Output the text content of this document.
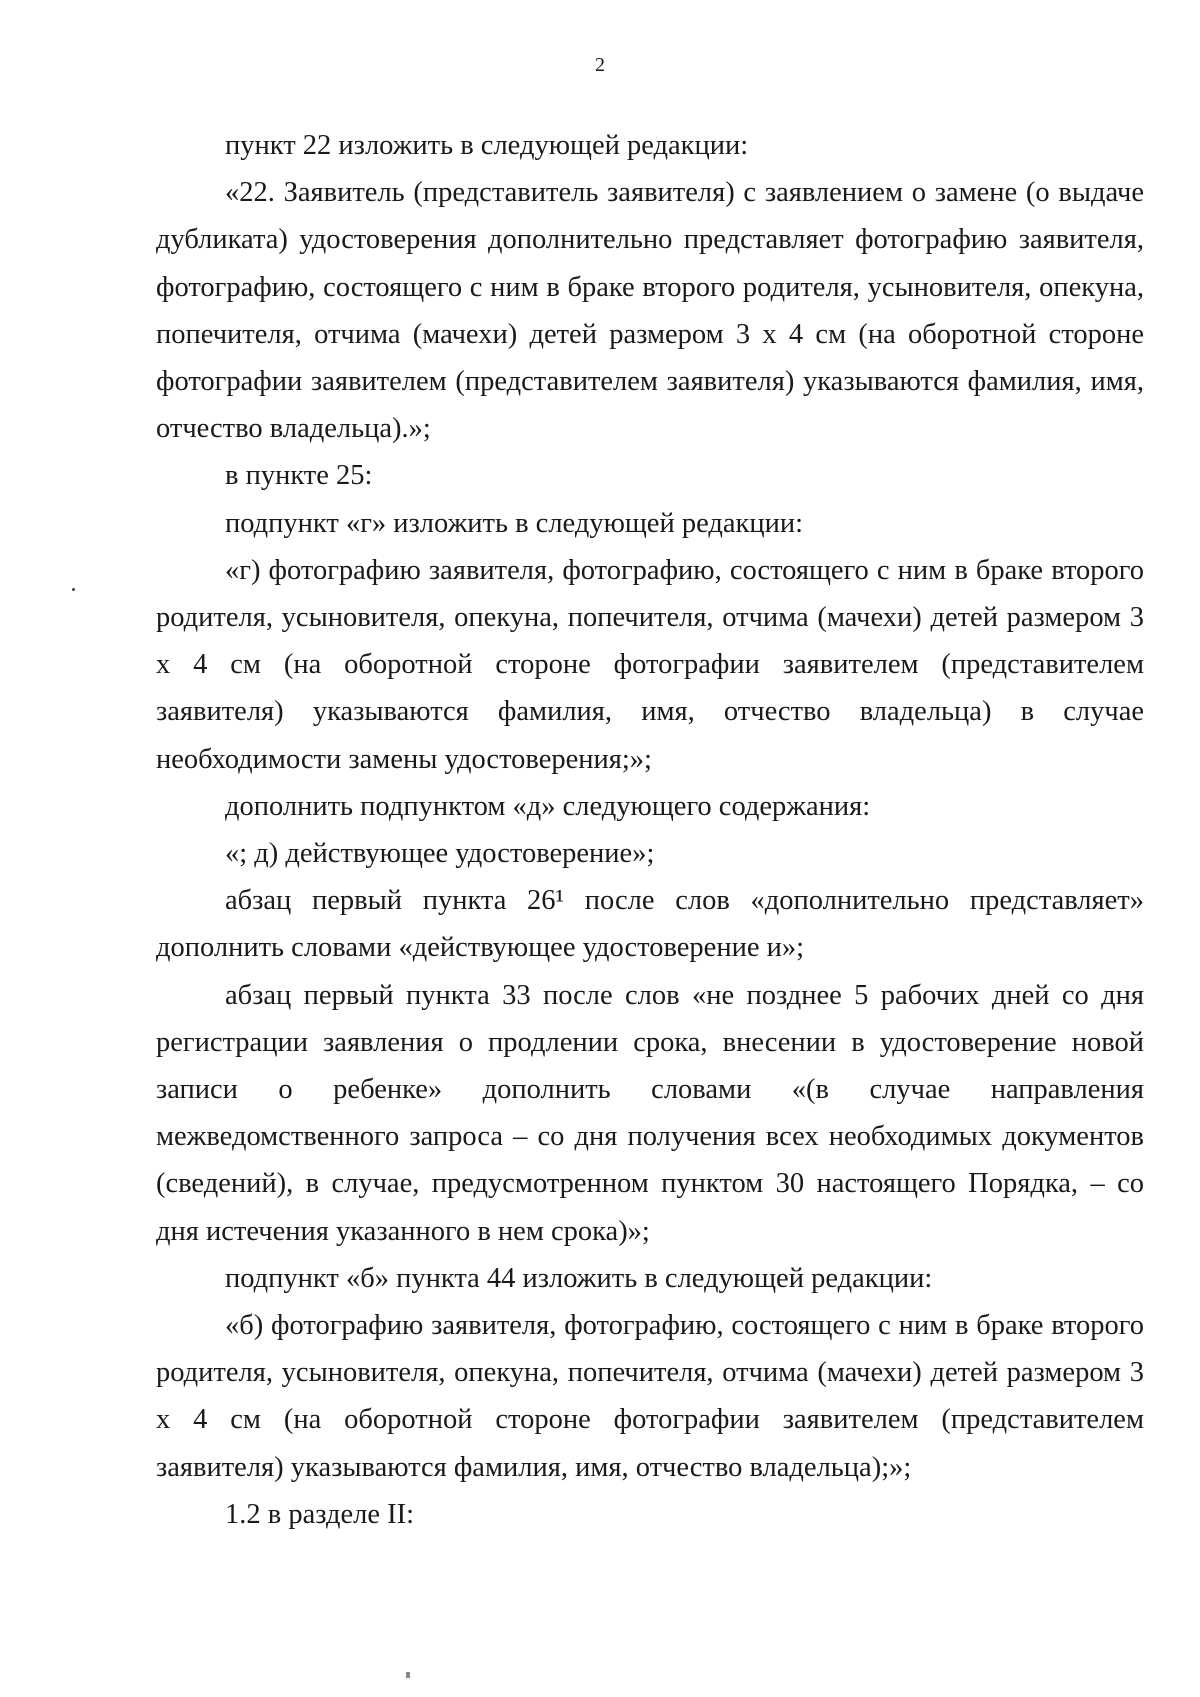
2

пункт 22 изложить в следующей редакции:

«22. Заявитель (представитель заявителя) с заявлением о замене (о выдаче дубликата) удостоверения дополнительно представляет фотографию заявителя, фотографию, состоящего с ним в браке второго родителя, усыновителя, опекуна, попечителя, отчима (мачехи) детей размером 3 х 4 см (на оборотной стороне фотографии заявителем (представителем заявителя) указываются фамилия, имя, отчество владельца).»;

в пункте 25:

подпункт «г» изложить в следующей редакции:

«г) фотографию заявителя, фотографию, состоящего с ним в браке второго родителя, усыновителя, опекуна, попечителя, отчима (мачехи) детей размером 3 х 4 см (на оборотной стороне фотографии заявителем (представителем заявителя) указываются фамилия, имя, отчество владельца) в случае необходимости замены удостоверения;»;

дополнить подпунктом «д» следующего содержания:

«; д) действующее удостоверение»;

абзац первый пункта 26¹ после слов «дополнительно представляет» дополнить словами «действующее удостоверение и»;

абзац первый пункта 33 после слов «не позднее 5 рабочих дней со дня регистрации заявления о продлении срока, внесении в удостоверение новой записи о ребенке» дополнить словами «(в случае направления межведомственного запроса – со дня получения всех необходимых документов (сведений), в случае, предусмотренном пунктом 30 настоящего Порядка, – со дня истечения указанного в нем срока)»;

подпункт «б» пункта 44 изложить в следующей редакции:

«б) фотографию заявителя, фотографию, состоящего с ним в браке второго родителя, усыновителя, опекуна, попечителя, отчима (мачехи) детей размером 3 х 4 см (на оборотной стороне фотографии заявителем (представителем заявителя) указываются фамилия, имя, отчество владельца);»;

1.2 в разделе II:
